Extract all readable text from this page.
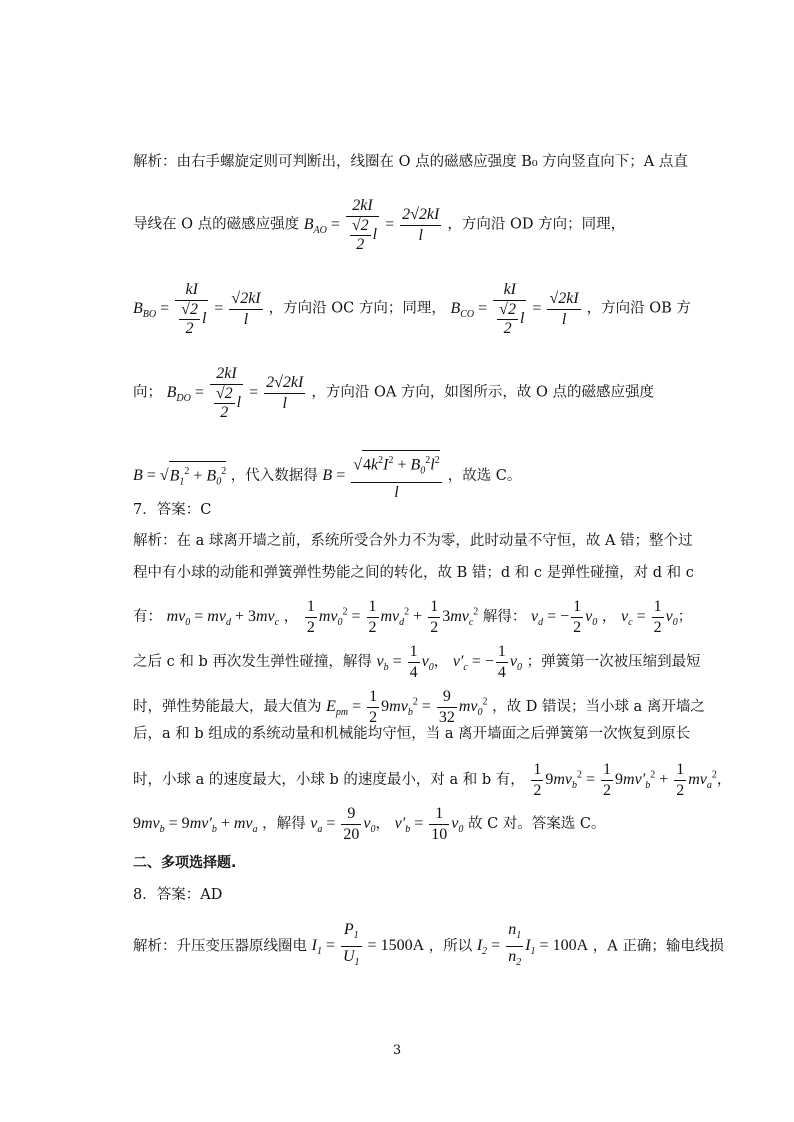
解析：由右手螺旋定则可判断出，线圈在 O 点的磁感应强度 B₀ 方向竖直向下；A 点直
导线在 O 点的磁感应强度 $B_{AO} = \frac{2kI}{\frac{√2}{2} l} = \frac{2√2kI}{l}$ ，方向沿 OD 方向；同理，
$B_{BO} = \frac{kI}{\frac{√2}{2} l} = \frac{√2kI}{l}$ ，方向沿 OC 方向；同理， $B_{CO} = \frac{kI}{\frac{√2}{2} l} = \frac{√2kI}{l}$ ，方向沿 OB 方
向； $B_{DO} = \frac{2kI}{\frac{√2}{2} l} = \frac{2√2kI}{l}$ ，方向沿 OA 方向，如图所示，故 O 点的磁感应强度
$B = √B_1^2 + B_0^2$ ，代入数据得 $B = \frac{√4k^2I^2 + B_0^2l^2}{l}$ ，故选 C。
7．答案：C
解析：在 a 球离开墙之前，系统所受合外力不为零，此时动量不守恒，故 A 错；整个过
程中有小球的动能和弹簧弹性势能之间的转化，故 B 错；d 和 c 是弹性碰撞，对 d 和 c
有： $mv_0 = mv_d + 3mv_c$ ， $\frac{1}{2} mv_0^2 = \frac{1}{2} mv_d^2 + \frac{1}{2} 3mv_c^2$ 解得： $v_d$ = − $\frac{1}{2} v_0$ ， $v_c = \frac{1}{2} v_0$；
之后 c 和 b 再次发生弹性碰撞，解得 $v_b = \frac{1}{4} v_0$， $v'_c$ = − $\frac{1}{4} v_0$ ；弹簧第一次被压缩到最短
时，弹性势能最大，最大值为 $E_{pm} = \frac{1}{2} 9mv_b^2 = \frac{9}{32} mv_0^2$ ，故 D 错误；当小球 a 离开墙之
后，a 和 b 组成的系统动量和机械能均守恒，当 a 离开墙面之后弹簧第一次恢复到原长
时，小球 a 的速度最大，小球 b 的速度最小，对 a 和 b 有， $\frac{1}{2} 9mv_b^2 = \frac{1}{2} 9mv'_b^2 + \frac{1}{2} mv_a^2$，
$9mv_b = 9mv'_b + mv_a$ ，解得 $v_a = \frac{9}{20} v_0$， $v'_b = \frac{1}{10} v_0$ 故 C 对。答案选 C。
二、多项选择题.
8．答案：AD
解析：升压变压器原线圈电 $I_1 = \frac{P_1}{U_1} = 1500A$ ，所以 $I_2 = \frac{n_1}{n_2} I_1 = 100A$ ，A 正确；输电线损
3
